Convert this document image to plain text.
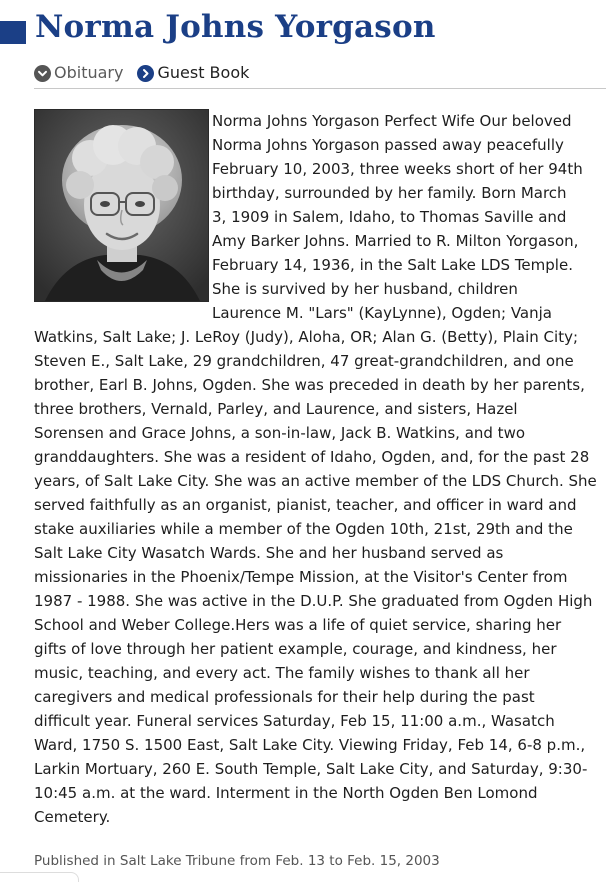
Norma Johns Yorgason
Obituary Guest Book

Norma Johns Yorgason Perfect Wife Our beloved
Norma Johns Yorgason passed away peacefully
February 10, 2003, three weeks short of her 94th
birthday, surrounded by her family. Born March
3, 1909 in Salem, Idaho, to Thomas Saville and
Amy Barker Johns. Married to R. Milton Yorgason,
February 14, 1936, in the Salt Lake LDS Temple.
She is survived by her husband, children
Laurence M. "Lars" (KayLynne), Ogden; Vanja
Watkins, Salt Lake; J. LeRoy (Judy), Aloha, OR; Alan G. (Betty), Plain City;
Steven E., Salt Lake, 29 grandchildren, 47 great-grandchildren, and one
brother, Earl B. Johns, Ogden. She was preceded in death by her parents,
three brothers, Vernald, Parley, and Laurence, and sisters, Hazel
Sorensen and Grace Johns, a son-in-law, Jack B. Watkins, and two
granddaughters. She was a resident of Idaho, Ogden, and, for the past 28
years, of Salt Lake City. She was an active member of the LDS Church. She
served faithfully as an organist, pianist, teacher, and officer in ward and
stake auxiliaries while a member of the Ogden 10th, 21st, 29th and the
Salt Lake City Wasatch Wards. She and her husband served as
missionaries in the Phoenix/Tempe Mission, at the Visitor's Center from
1987 - 1988. She was active in the D.U.P. She graduated from Ogden High
School and Weber College.Hers was a life of quiet service, sharing her
gifts of love through her patient example, courage, and kindness, her
music, teaching, and every act. The family wishes to thank all her
caregivers and medical professionals for their help during the past
difficult year. Funeral services Saturday, Feb 15, 11:00 a.m., Wasatch
Ward, 1750 S. 1500 East, Salt Lake City. Viewing Friday, Feb 14, 6-8 p.m.,
Larkin Mortuary, 260 E. South Temple, Salt Lake City, and Saturday, 9:30-
10:45 a.m. at the ward. Interment in the North Ogden Ben Lomond
Cemetery.

Published in Salt Lake Tribune from Feb. 13 to Feb. 15, 2003
